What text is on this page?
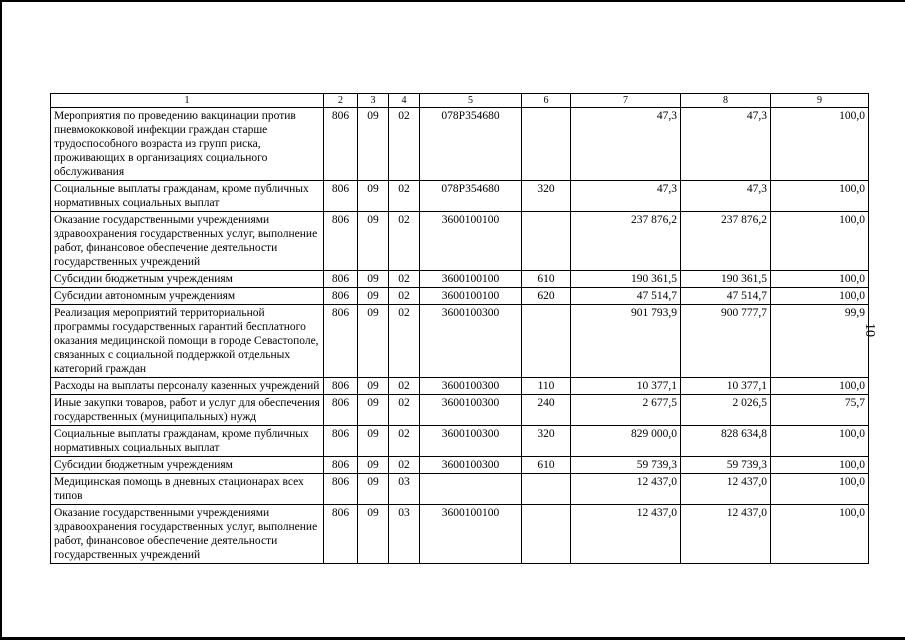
1	2	3	4	5	6	7	8	9
Мероприятия по проведению вакцинации против пневмококковой инфекции граждан старше трудоспособного возраста из групп риска, проживающих в организациях социального обслуживания	806	09	02	078Р354680		47,3	47,3	100,0
Социальные выплаты гражданам, кроме публичных нормативных социальных выплат	806	09	02	078Р354680	320	47,3	47,3	100,0
Оказание государственными учреждениями здравоохранения государственных услуг, выполнение работ, финансовое обеспечение деятельности государственных учреждений	806	09	02	3600100100		237 876,2	237 876,2	100,0
Субсидии бюджетным учреждениям	806	09	02	3600100100	610	190 361,5	190 361,5	100,0
Субсидии автономным учреждениям	806	09	02	3600100100	620	47 514,7	47 514,7	100,0
Реализация мероприятий территориальной программы государственных гарантий бесплатного оказания медицинской помощи в городе Севастополе, связанных с социальной поддержкой отдельных категорий граждан	806	09	02	3600100300		901 793,9	900 777,7	99,9
Расходы на выплаты персоналу казенных учреждений	806	09	02	3600100300	110	10 377,1	10 377,1	100,0
Иные закупки товаров, работ и услуг для обеспечения государственных (муниципальных) нужд	806	09	02	3600100300	240	2 677,5	2 026,5	75,7
Социальные выплаты гражданам, кроме публичных нормативных социальных выплат	806	09	02	3600100300	320	829 000,0	828 634,8	100,0
Субсидии бюджетным учреждениям	806	09	02	3600100300	610	59 739,3	59 739,3	100,0
Медицинская помощь в дневных стационарах всех типов	806	09	03			12 437,0	12 437,0	100,0
Оказание государственными учреждениями здравоохранения государственных услуг, выполнение работ, финансовое обеспечение деятельности государственных учреждений	806	09	03	3600100100		12 437,0	12 437,0	100,0
10
